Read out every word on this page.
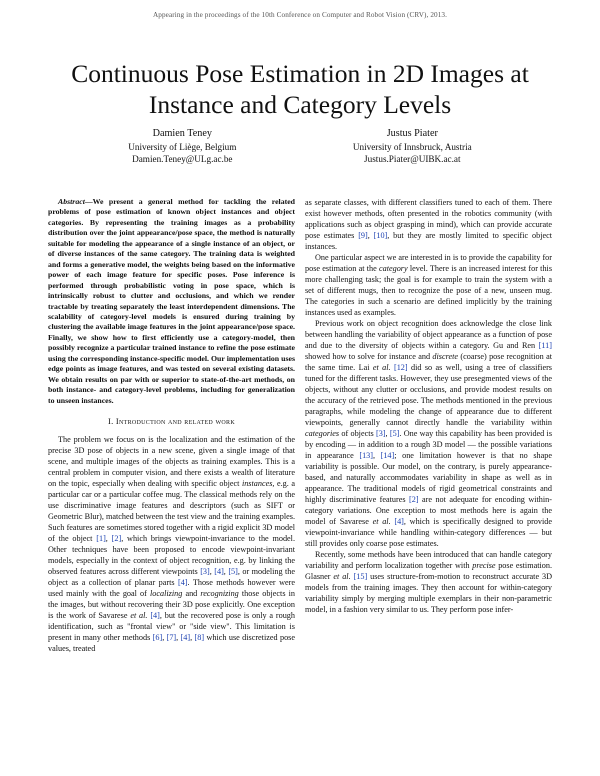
Appearing in the proceedings of the 10th Conference on Computer and Robot Vision (CRV), 2013.
Continuous Pose Estimation in 2D Images at
Instance and Category Levels
Damien Teney
University of Liège, Belgium
Damien.Teney@ULg.ac.be
Justus Piater
University of Innsbruck, Austria
Justus.Piater@UIBK.ac.at

Abstract—We present a general method for tackling the related problems of pose estimation of known object instances and object categories. By representing the training images as a probability distribution over the joint appearance/pose space, the method is naturally suitable for modeling the appearance of a single instance of an object, or of diverse instances of the same category. The training data is weighted and forms a generative model, the weights being based on the informative power of each image feature for specific poses. Pose inference is performed through probabilistic voting in pose space, which is intrinsically robust to clutter and occlusions, and which we render tractable by treating separately the least interdependent dimensions. The scalability of category-level models is ensured during training by clustering the available image features in the joint appearance/pose space. Finally, we show how to first efficiently use a category-model, then possibly recognize a particular trained instance to refine the pose estimate using the corresponding instance-specific model. Our implementation uses edge points as image features, and was tested on several existing datasets. We obtain results on par with or superior to state-of-the-art methods, on both instance- and category-level problems, including for generalization to unseen instances.

I. Introduction and related work

The problem we focus on is the localization and the estimation of the precise 3D pose of objects in a new scene, given a single image of that scene, and multiple images of the objects as training examples. This is a central problem in computer vision, and there exists a wealth of literature on the topic, especially when dealing with specific object instances, e.g. a particular car or a particular coffee mug. The classical methods rely on the use discriminative image features and descriptors (such as SIFT or Geometric Blur), matched between the test view and the training examples. Such features are sometimes stored together with a rigid explicit 3D model of the object [1], [2], which brings viewpoint-invariance to the model. Other techniques have been proposed to encode viewpoint-invariant models, especially in the context of object recognition, e.g. by linking the observed features across different viewpoints [3], [4], [5], or modeling the object as a collection of planar parts [4]. Those methods however were used mainly with the goal of localizing and recognizing those objects in the images, but without recovering their 3D pose explicitly. One exception is the work of Savarese et al. [4], but the recovered pose is only a rough identification, such as "frontal view" or "side view". This limitation is present in many other methods [6], [7], [4], [8] which use discretized pose values, treated

as separate classes, with different classifiers tuned to each of them. There exist however methods, often presented in the robotics community (with applications such as object grasping in mind), which can provide accurate pose estimates [9], [10], but they are mostly limited to specific object instances.

One particular aspect we are interested in is to provide the capability for pose estimation at the category level. There is an increased interest for this more challenging task; the goal is for example to train the system with a set of different mugs, then to recognize the pose of a new, unseen mug. The categories in such a scenario are defined implicitly by the training instances used as examples.

Previous work on object recognition does acknowledge the close link between handling the variability of object appearance as a function of pose and due to the diversity of objects within a category. Gu and Ren [11] showed how to solve for instance and discrete (coarse) pose recognition at the same time. Lai et al. [12] did so as well, using a tree of classifiers tuned for the different tasks. However, they use presegmented views of the objects, without any clutter or occlusions, and provide modest results on the accuracy of the retrieved pose. The methods mentioned in the previous paragraphs, while modeling the change of appearance due to different viewpoints, generally cannot directly handle the variability within categories of objects [3], [5]. One way this capability has been provided is by encoding — in addition to a rough 3D model — the possible variations in appearance [13], [14]; one limitation however is that no shape variability is possible. Our model, on the contrary, is purely appearance-based, and naturally accommodates variability in shape as well as in appearance. The traditional models of rigid geometrical constraints and highly discriminative features [2] are not adequate for encoding within-category variations. One exception to most methods here is again the model of Savarese et al. [4], which is specifically designed to provide viewpoint-invariance while handling within-category differences — but still provides only coarse pose estimates.

Recently, some methods have been introduced that can handle category variability and perform localization together with precise pose estimation. Glasner et al. [15] uses structure-from-motion to reconstruct accurate 3D models from the training images. They then account for within-category variability simply by merging multiple exemplars in their non-parametric model, in a fashion very similar to us. They perform pose infer-
